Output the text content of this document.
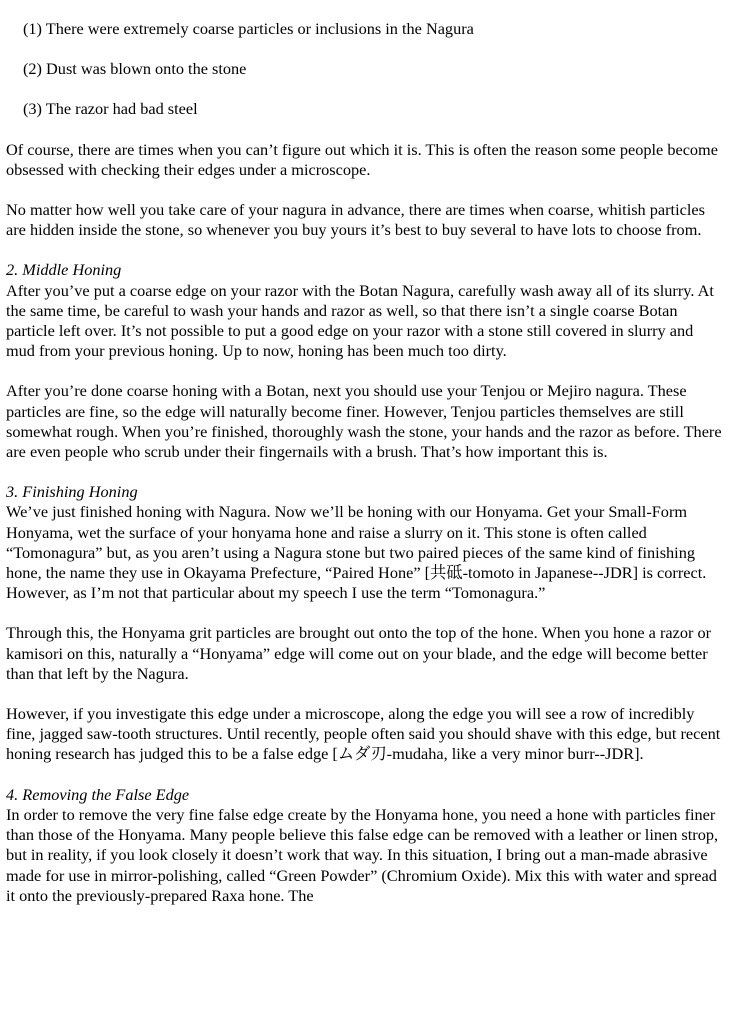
(1) There were extremely coarse particles or inclusions in the Nagura
(2) Dust was blown onto the stone
(3) The razor had bad steel

Of course, there are times when you can’t figure out which it is. This is often the reason some people become obsessed with checking their edges under a microscope.

No matter how well you take care of your nagura in advance, there are times when coarse, whitish particles are hidden inside the stone, so whenever you buy yours it’s best to buy several to have lots to choose from.

2. Middle Honing

After you’ve put a coarse edge on your razor with the Botan Nagura, carefully wash away all of its slurry. At the same time, be careful to wash your hands and razor as well, so that there isn’t a single coarse Botan particle left over. It’s not possible to put a good edge on your razor with a stone still covered in slurry and mud from your previous honing. Up to now, honing has been much too dirty.

After you’re done coarse honing with a Botan, next you should use your Tenjou or Mejiro nagura. These particles are fine, so the edge will naturally become finer. However, Tenjou particles themselves are still somewhat rough. When you’re finished, thoroughly wash the stone, your hands and the razor as before. There are even people who scrub under their fingernails with a brush. That’s how important this is.

3. Finishing Honing

We’ve just finished honing with Nagura. Now we’ll be honing with our Honyama. Get your Small-Form Honyama, wet the surface of your honyama hone and raise a slurry on it. This stone is often called “Tomonagura” but, as you aren’t using a Nagura stone but two paired pieces of the same kind of finishing hone, the name they use in Okayama Prefecture, “Paired Hone” [共砥-tomoto in Japanese--JDR] is correct. However, as I’m not that particular about my speech I use the term “Tomonagura.”

Through this, the Honyama grit particles are brought out onto the top of the hone. When you hone a razor or kamisori on this, naturally a “Honyama” edge will come out on your blade, and the edge will become better than that left by the Nagura.

However, if you investigate this edge under a microscope, along the edge you will see a row of incredibly fine, jagged saw-tooth structures. Until recently, people often said you should shave with this edge, but recent honing research has judged this to be a false edge [ムダ刃-mudaha, like a very minor burr--JDR].

4. Removing the False Edge

In order to remove the very fine false edge create by the Honyama hone, you need a hone with particles finer than those of the Honyama. Many people believe this false edge can be removed with a leather or linen strop, but in reality, if you look closely it doesn’t work that way. In this situation, I bring out a man-made abrasive made for use in mirror-polishing, called “Green Powder” (Chromium Oxide). Mix this with water and spread it onto the previously-prepared Raxa hone. The
